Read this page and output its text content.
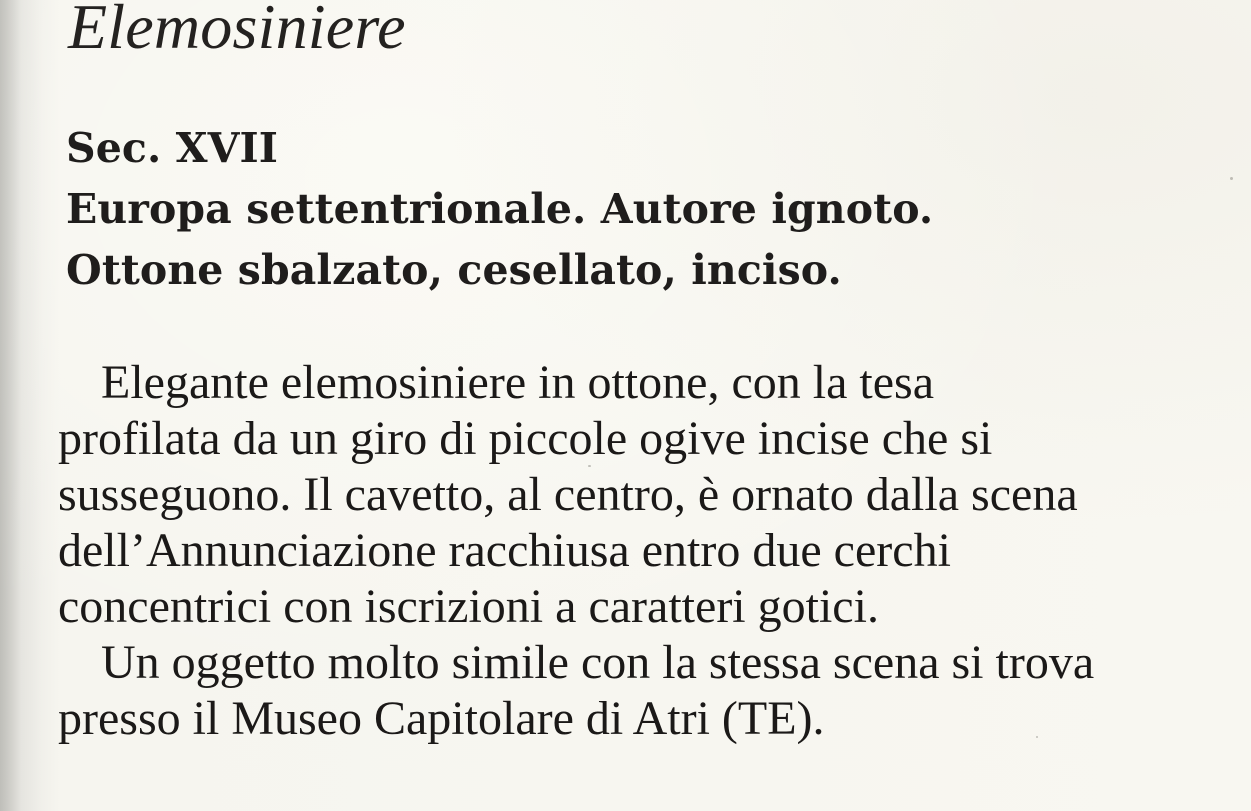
Elemosiniere
Sec. XVII
Europa settentrionale. Autore ignoto.
Ottone sbalzato, cesellato, inciso.
Elegante elemosiniere in ottone, con la tesa
profilata da un giro di piccole ogive incise che si
susseguono. Il cavetto, al centro, è ornato dalla scena
dell’Annunciazione racchiusa entro due cerchi
concentrici con iscrizioni a caratteri gotici.
Un oggetto molto simile con la stessa scena si trova
presso il Museo Capitolare di Atri (TE).
